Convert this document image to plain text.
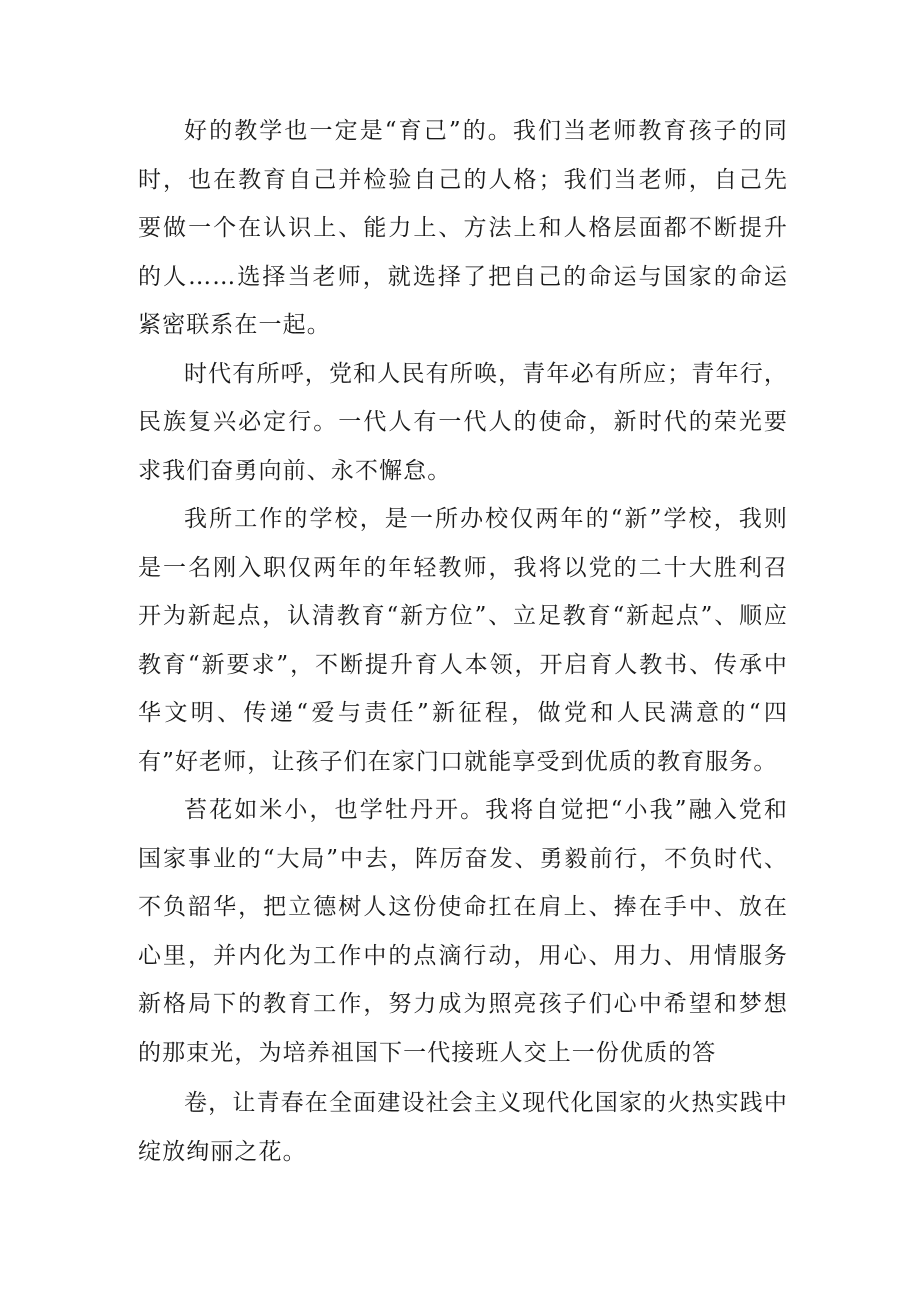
好的教学也一定是“育己”的。我们当老师教育孩子的同时，也在教育自己并检验自己的人格；我们当老师，自己先要做一个在认识上、能力上、方法上和人格层面都不断提升的人……选择当老师，就选择了把自己的命运与国家的命运紧密联系在一起。

时代有所呼，党和人民有所唤，青年必有所应；青年行，民族复兴必定行。一代人有一代人的使命，新时代的荣光要求我们奋勇向前、永不懈怠。

我所工作的学校，是一所办校仅两年的“新”学校，我则是一名刚入职仅两年的年轻教师，我将以党的二十大胜利召开为新起点，认清教育“新方位”、立足教育“新起点”、顺应教育“新要求”，不断提升育人本领，开启育人教书、传承中华文明、传递“爱与责任”新征程，做党和人民满意的“四有”好老师，让孩子们在家门口就能享受到优质的教育服务。

苔花如米小，也学牡丹开。我将自觉把“小我”融入党和国家事业的“大局”中去，阵厉奋发、勇毅前行，不负时代、不负韶华，把立德树人这份使命扛在肩上、捧在手中、放在心里，并内化为工作中的点滴行动，用心、用力、用情服务新格局下的教育工作，努力成为照亮孩子们心中希望和梦想的那束光，为培养祖国下一代接班人交上一份优质的答

卷，让青春在全面建设社会主义现代化国家的火热实践中绽放绚丽之花。
